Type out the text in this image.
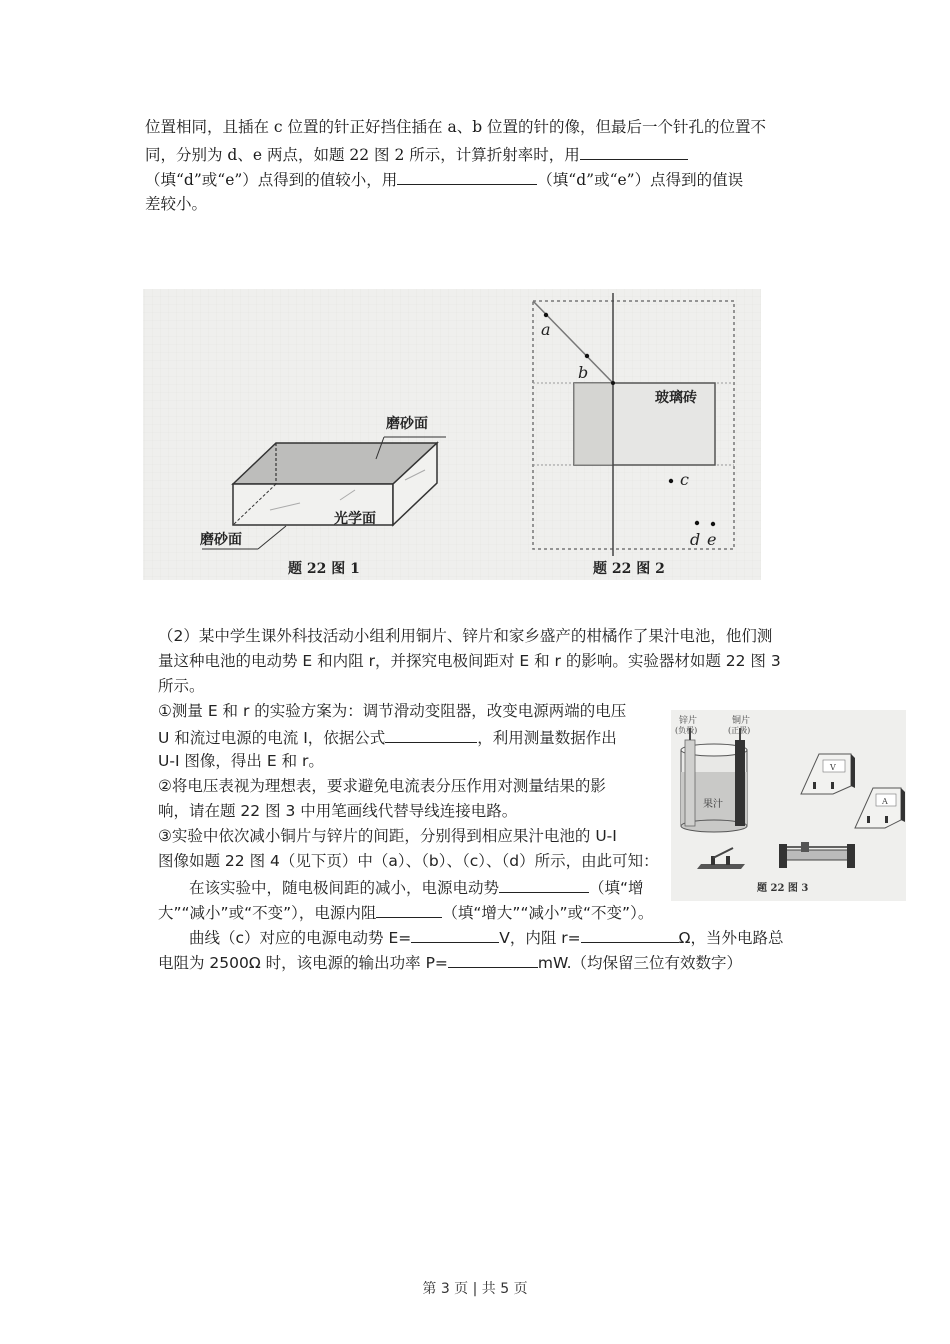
位置相同，且插在 c 位置的针正好挡住插在 a、b 位置的针的像，但最后一个针孔的位置不
同，分别为 d、e 两点，如题 22 图 2 所示，计算折射率时，用
（填“d”或“e”）点得到的值较小，用	（填“d”或“e”）点得到的值误
差较小。
磨砂面
光学面
磨砂面
题 22 图 1
a
b
c
d e
玻璃砖
题 22 图 2
（2）某中学生课外科技活动小组利用铜片、锌片和家乡盛产的柑橘作了果汁电池，他们测
量这种电池的电动势 E 和内阻 r，并探究电极间距对 E 和 r 的影响。实验器材如题 22 图 3
所示。
①测量 E 和 r 的实验方案为：调节滑动变阻器，改变电源两端的电压
U 和流过电源的电流 I，依据公式	，利用测量数据作出
U-I 图像，得出 E 和 r。
②将电压表视为理想表，要求避免电流表分压作用对测量结果的影
响，请在题 22 图 3 中用笔画线代替导线连接电路。
③实验中依次减小铜片与锌片的间距，分别得到相应果汁电池的 U-I
图像如题 22 图 4（见下页）中（a）、（b）、（c）、（d）所示，由此可知：
在该实验中，随电极间距的减小，电源电动势	（填“增
大”“减小”或“不变”），电源内阻	（填“增大”“减小”或“不变”）。
曲线（c）对应的电源电动势 E=	V，内阻 r=	Ω，当外电路总
电阻为 2500Ω 时，该电源的输出功率 P=	mW.（均保留三位有效数字）
锌片
(负极)
铜片
(正极)
果汁
V
A
题 22 图 3
第 3 页 | 共 5 页
